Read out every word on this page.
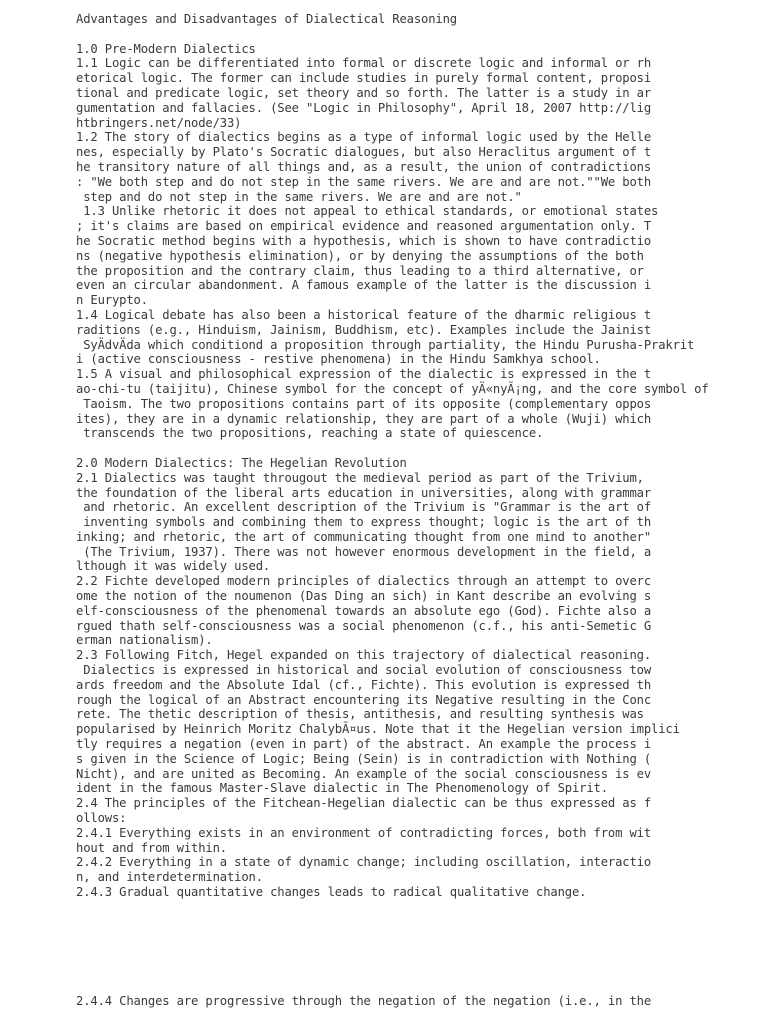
Advantages and Disadvantages of Dialectical Reasoning
1.0 Pre-Modern Dialectics
1.1 Logic can be differentiated into formal or discrete logic and informal or rh
etorical logic. The former can include studies in purely formal content, proposi
tional and predicate logic, set theory and so forth. The latter is a study in ar
gumentation and fallacies. (See "Logic in Philosophy", April 18, 2007 http://lig
htbringers.net/node/33)
1.2 The story of dialectics begins as a type of informal logic used by the Helle
nes, especially by Plato's Socratic dialogues, but also Heraclitus argument of t
he transitory nature of all things and, as a result, the union of contradictions
: "We both step and do not step in the same rivers. We are and are not.""We both
step and do not step in the same rivers. We are and are not."
1.3 Unlike rhetoric it does not appeal to ethical standards, or emotional states
; it's claims are based on empirical evidence and reasoned argumentation only. T
he Socratic method begins with a hypothesis, which is shown to have contradictio
ns (negative hypothesis elimination), or by denying the assumptions of the both
the proposition and the contrary claim, thus leading to a third alternative, or
even an circular abandonment. A famous example of the latter is the discussion i
n Eurypto.
1.4 Logical debate has also been a historical feature of the dharmic religious t
raditions (e.g., Hinduism, Jainism, Buddhism, etc). Examples include the Jainist
SyÄdvÄda which conditiond a proposition through partiality, the Hindu Purusha-Prakrit
i (active consciousness - restive phenomena) in the Hindu Samkhya school.
1.5 A visual and philosophical expression of the dialectic is expressed in the t
ao-chi-tu (taijitu), Chinese symbol for the concept of yÄ«nyÃ¡ng, and the core symbol of
Taoism. The two propositions contains part of its opposite (complementary oppos
ites), they are in a dynamic relationship, they are part of a whole (Wuji) which
transcends the two propositions, reaching a state of quiescence.
2.0 Modern Dialectics: The Hegelian Revolution
2.1 Dialectics was taught througout the medieval period as part of the Trivium,
the foundation of the liberal arts education in universities, along with grammar
and rhetoric. An excellent description of the Trivium is "Grammar is the art of
inventing symbols and combining them to express thought; logic is the art of th
inking; and rhetoric, the art of communicating thought from one mind to another"
(The Trivium, 1937). There was not however enormous development in the field, a
lthough it was widely used.
2.2 Fichte developed modern principles of dialectics through an attempt to overc
ome the notion of the noumenon (Das Ding an sich) in Kant describe an evolving s
elf-consciousness of the phenomenal towards an absolute ego (God). Fichte also a
rgued thath self-consciousness was a social phenomenon (c.f., his anti-Semetic G
erman nationalism).
2.3 Following Fitch, Hegel expanded on this trajectory of dialectical reasoning.
Dialectics is expressed in historical and social evolution of consciousness tow
ards freedom and the Absolute Idal (cf., Fichte). This evolution is expressed th
rough the logical of an Abstract encountering its Negative resulting in the Conc
rete. The thetic description of thesis, antithesis, and resulting synthesis was
popularised by Heinrich Moritz ChalybÃ¤us. Note that it the Hegelian version implici
tly requires a negation (even in part) of the abstract. An example the process i
s given in the Science of Logic; Being (Sein) is in contradiction with Nothing (
Nicht), and are united as Becoming. An example of the social consciousness is ev
ident in the famous Master-Slave dialectic in The Phenomenology of Spirit.
2.4 The principles of the Fitchean-Hegelian dialectic can be thus expressed as f
ollows:
2.4.1 Everything exists in an environment of contradicting forces, both from wit
hout and from within.
2.4.2 Everything in a state of dynamic change; including oscillation, interactio
n, and interdetermination.
2.4.3 Gradual quantitative changes leads to radical qualitative change.
2.4.4 Changes are progressive through the negation of the negation (i.e., in the
